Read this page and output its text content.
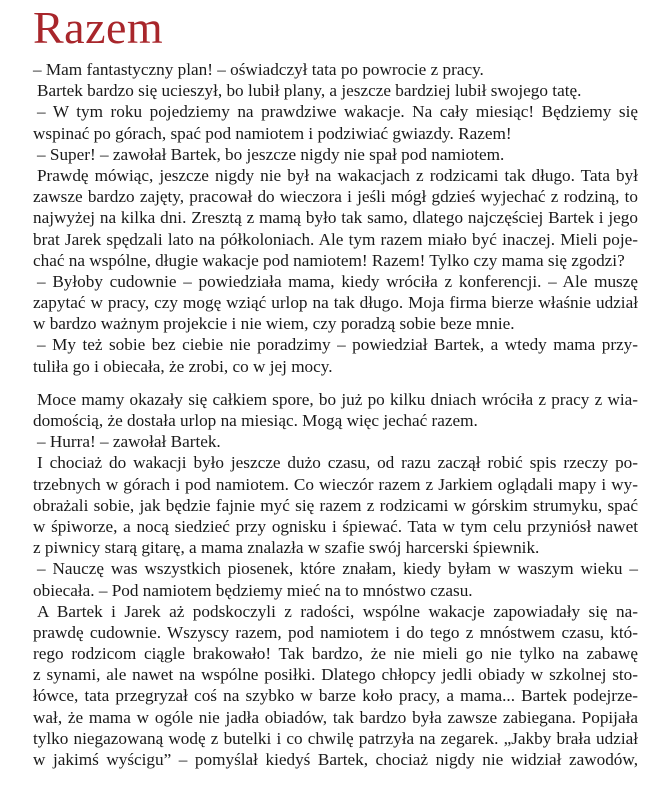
Razem
– Mam fantastyczny plan! – oświadczył tata po powrocie z pracy.
Bartek bardzo się ucieszył, bo lubił plany, a jeszcze bardziej lubił swojego tatę.
– W tym roku pojedziemy na prawdziwe wakacje. Na cały miesiąc! Będziemy się
wspinać po górach, spać pod namiotem i podziwiać gwiazdy. Razem!
– Super! – zawołał Bartek, bo jeszcze nigdy nie spał pod namiotem.
Prawdę mówiąc, jeszcze nigdy nie był na wakacjach z rodzicami tak długo. Tata był
zawsze bardzo zajęty, pracował do wieczora i jeśli mógł gdzieś wyjechać z rodziną, to
najwyżej na kilka dni. Zresztą z mamą było tak samo, dlatego najczęściej Bartek i jego
brat Jarek spędzali lato na półkoloniach. Ale tym razem miało być inaczej. Mieli poje-
chać na wspólne, długie wakacje pod namiotem! Razem! Tylko czy mama się zgodzi?
– Byłoby cudownie – powiedziała mama, kiedy wróciła z konferencji. – Ale muszę
zapytać w pracy, czy mogę wziąć urlop na tak długo. Moja firma bierze właśnie udział
w bardzo ważnym projekcie i nie wiem, czy poradzą sobie beze mnie.
– My też sobie bez ciebie nie poradzimy – powiedział Bartek, a wtedy mama przy-
tuliła go i obiecała, że zrobi, co w jej mocy.
Moce mamy okazały się całkiem spore, bo już po kilku dniach wróciła z pracy z wia-
domością, że dostała urlop na miesiąc. Mogą więc jechać razem.
– Hurra! – zawołał Bartek.
I chociaż do wakacji było jeszcze dużo czasu, od razu zaczął robić spis rzeczy po-
trzebnych w górach i pod namiotem. Co wieczór razem z Jarkiem oglądali mapy i wy-
obrażali sobie, jak będzie fajnie myć się razem z rodzicami w górskim strumyku, spać
w śpiworze, a nocą siedzieć przy ognisku i śpiewać. Tata w tym celu przyniósł nawet
z piwnicy starą gitarę, a mama znalazła w szafie swój harcerski śpiewnik.
– Nauczę was wszystkich piosenek, które znałam, kiedy byłam w waszym wieku –
obiecała. – Pod namiotem będziemy mieć na to mnóstwo czasu.
A Bartek i Jarek aż podskoczyli z radości, wspólne wakacje zapowiadały się na-
prawdę cudownie. Wszyscy razem, pod namiotem i do tego z mnóstwem czasu, któ-
rego rodzicom ciągle brakowało! Tak bardzo, że nie mieli go nie tylko na zabawę
z synami, ale nawet na wspólne posiłki. Dlatego chłopcy jedli obiady w szkolnej sto-
łówce, tata przegryzał coś na szybko w barze koło pracy, a mama... Bartek podejrze-
wał, że mama w ogóle nie jadła obiadów, tak bardzo była zawsze zabiegana. Popijała
tylko niegazowaną wodę z butelki i co chwilę patrzyła na zegarek. „Jakby brała udział
w jakimś wyścigu” – pomyślał kiedyś Bartek, chociaż nigdy nie widział zawodów,
